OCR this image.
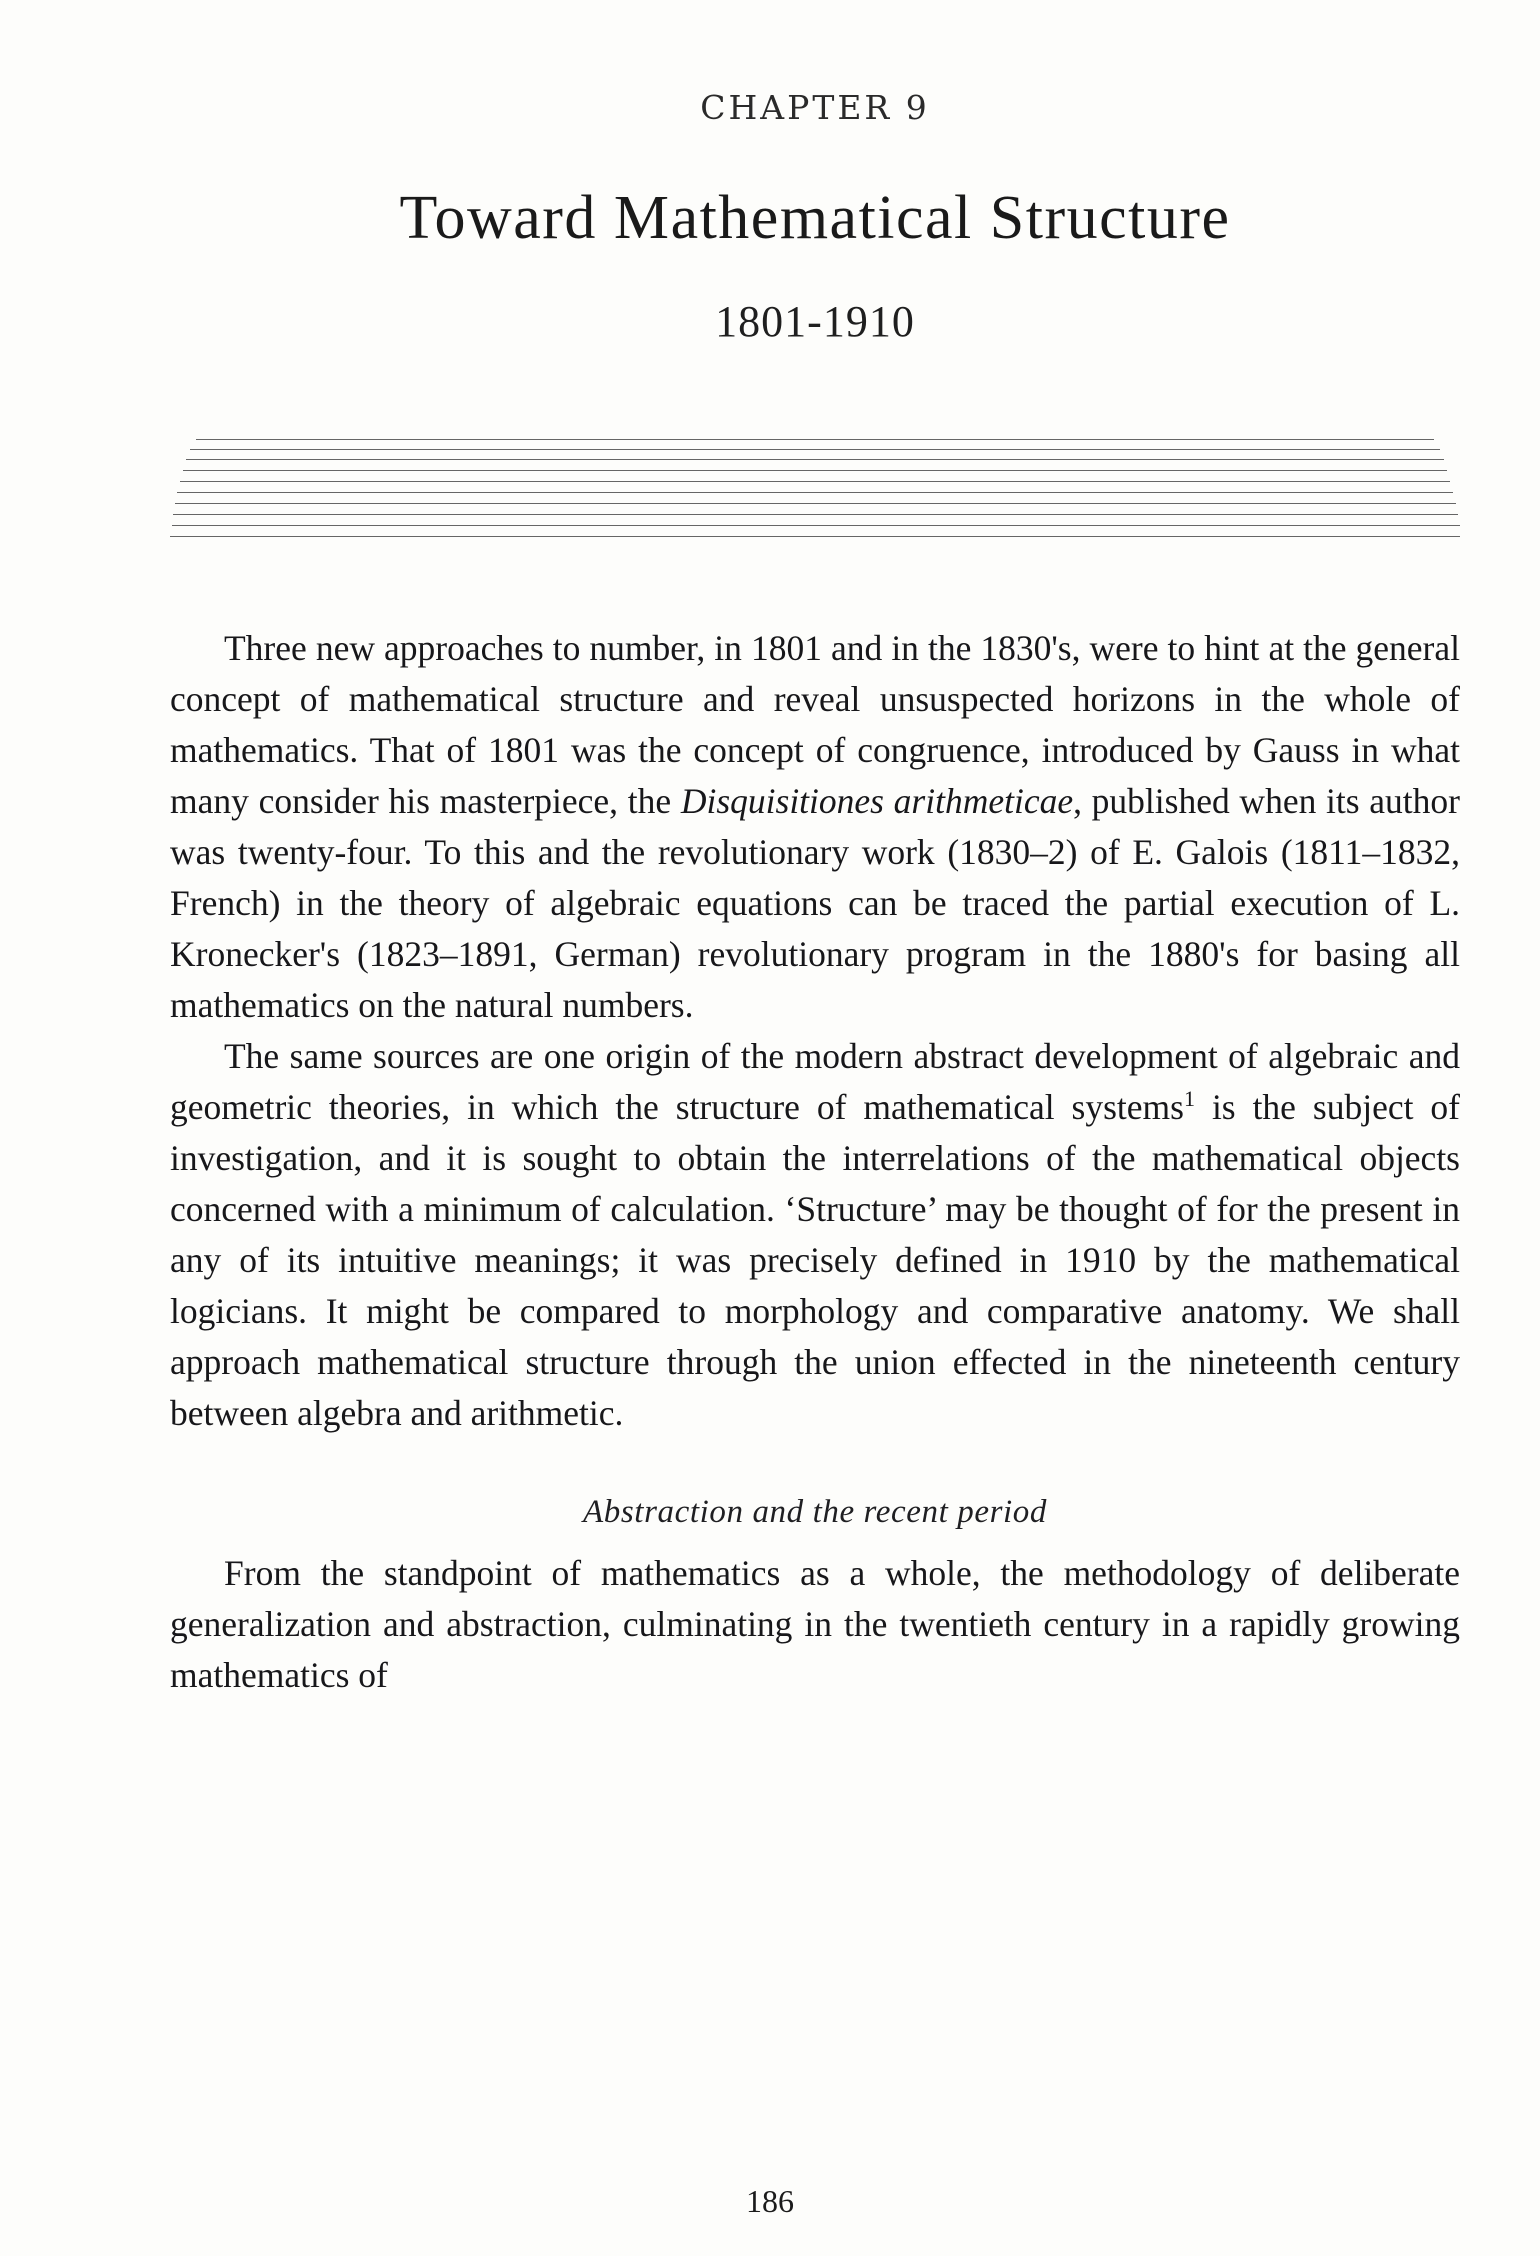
CHAPTER 9
Toward Mathematical Structure
1801-1910

Three new approaches to number, in 1801 and in the 1830's, were to hint at the general concept of mathematical structure and reveal unsuspected horizons in the whole of mathematics. That of 1801 was the concept of congruence, introduced by Gauss in what many consider his masterpiece, the Disquisitiones arithmeticae, published when its author was twenty-four. To this and the revolutionary work (1830–2) of E. Galois (1811–1832, French) in the theory of algebraic equations can be traced the partial execution of L. Kronecker's (1823–1891, German) revolutionary program in the 1880's for basing all mathematics on the natural numbers.

The same sources are one origin of the modern abstract development of algebraic and geometric theories, in which the structure of mathematical systems$^1$ is the subject of investigation, and it is sought to obtain the interrelations of the mathematical objects concerned with a minimum of calculation. ‘Structure’ may be thought of for the present in any of its intuitive meanings; it was precisely defined in 1910 by the mathematical logicians. It might be compared to morphology and comparative anatomy. We shall approach mathematical structure through the union effected in the nineteenth century between algebra and arithmetic.

Abstraction and the recent period

From the standpoint of mathematics as a whole, the methodology of deliberate generalization and abstraction, culminating in the twentieth century in a rapidly growing mathematics of

186
